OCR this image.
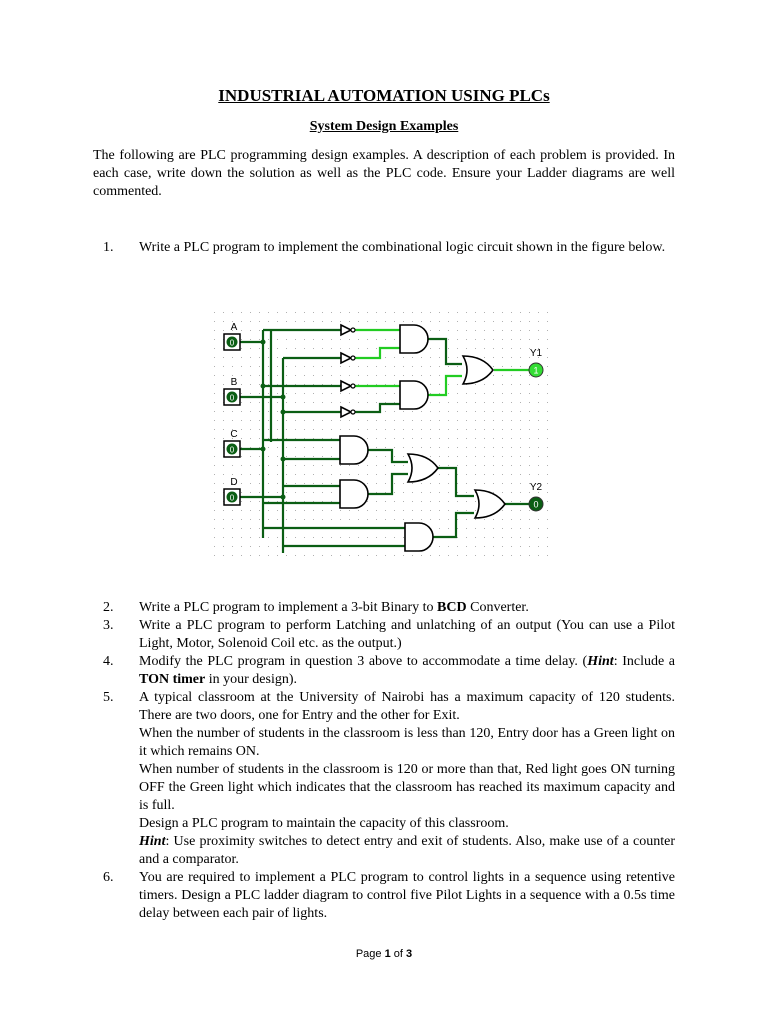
INDUSTRIAL AUTOMATION USING PLCs
System Design Examples
The following are PLC programming design examples. A description of each problem is provided. In each case, write down the solution as well as the PLC code. Ensure your Ladder diagrams are well commented.
1.	Write a PLC program to implement the combinational logic circuit shown in the figure below.
A
0
B
0
C
0
D
0
Y1
1
Y2
0
2.	Write a PLC program to implement a 3-bit Binary to BCD Converter.
3.	Write a PLC program to perform Latching and unlatching of an output (You can use a Pilot Light, Motor, Solenoid Coil etc. as the output.)
4.	Modify the PLC program in question 3 above to accommodate a time delay. (Hint: Include a TON timer in your design).
5.	A typical classroom at the University of Nairobi has a maximum capacity of 120 students. There are two doors, one for Entry and the other for Exit.

When the number of students in the classroom is less than 120, Entry door has a Green light on it which remains ON.

When number of students in the classroom is 120 or more than that, Red light goes ON turning OFF the Green light which indicates that the classroom has reached its maximum capacity and is full.

Design a PLC program to maintain the capacity of this classroom.

Hint: Use proximity switches to detect entry and exit of students. Also, make use of a counter and a comparator.

6.	You are required to implement a PLC program to control lights in a sequence using retentive timers. Design a PLC ladder diagram to control five Pilot Lights in a sequence with a 0.5s time delay between each pair of lights.
Page 1 of 3
